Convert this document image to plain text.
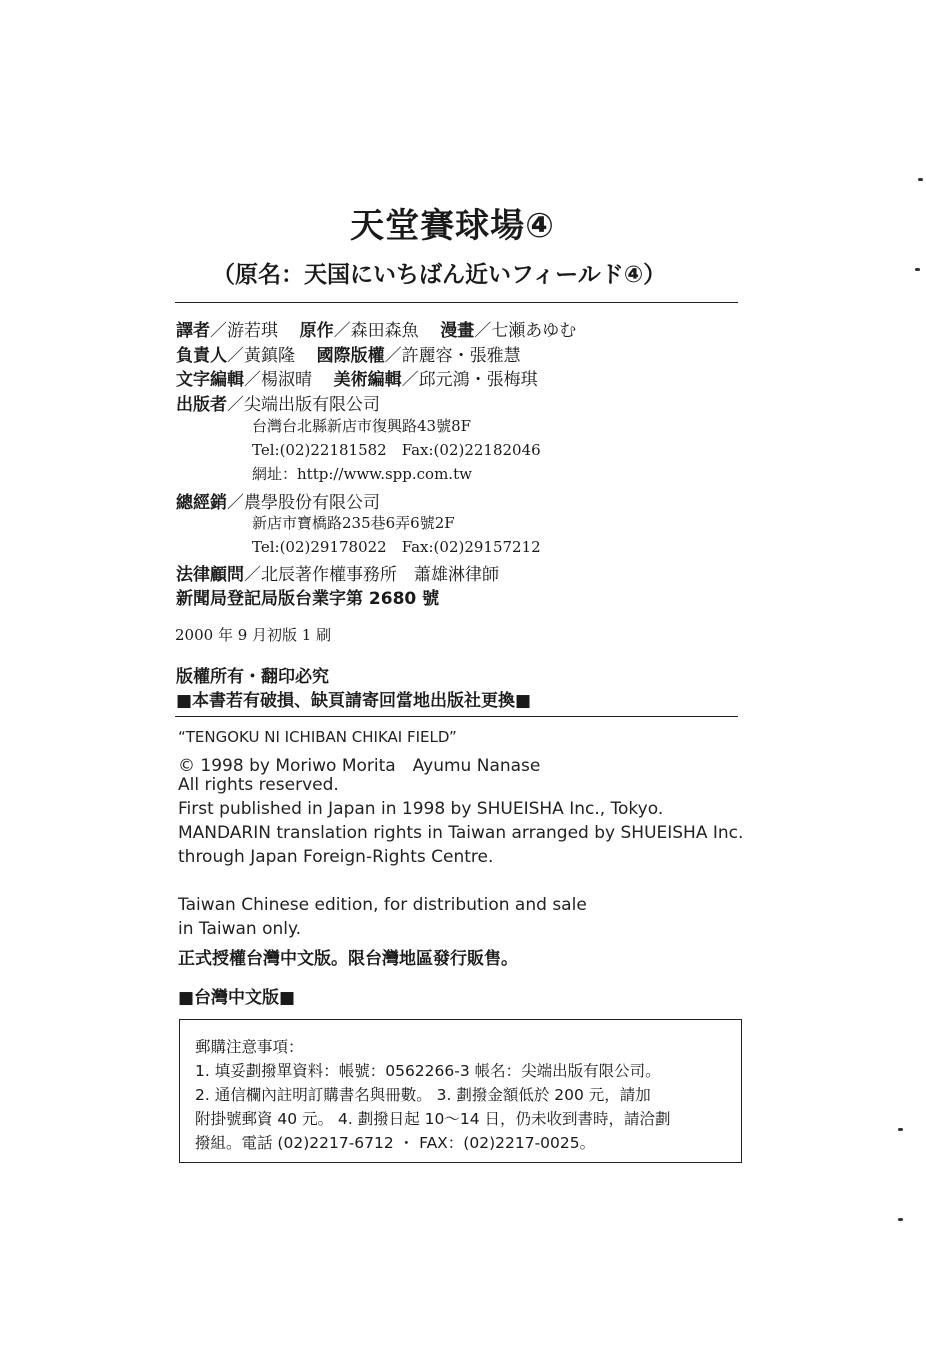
天堂賽球場④
（原名：天国にいちばん近いフィールド④）
譯者／游若琪 原作／森田森魚 漫畫／七瀬あゆむ
負責人／黃鎮隆 國際版權／許麗容・張雅慧
文字編輯／楊淑晴 美術編輯／邱元鴻・張梅琪
出版者／尖端出版有限公司
台灣台北縣新店市復興路43號8F
Tel:(02)22181582　Fax:(02)22182046
網址：http://www.spp.com.tw
總經銷／農學股份有限公司
新店市寶橋路235巷6弄6號2F
Tel:(02)29178022　Fax:(02)29157212
法律顧問／北辰著作權事務所　蕭雄淋律師
新聞局登記局版台業字第 2680 號
2000 年 9 月初版 1 刷
版權所有・翻印必究
■本書若有破損、缺頁請寄回當地出版社更換■
“TENGOKU NI ICHIBAN CHIKAI FIELD”
© 1998 by Moriwo Morita　Ayumu Nanase
All rights reserved.
First published in Japan in 1998 by SHUEISHA Inc., Tokyo.
MANDARIN translation rights in Taiwan arranged by SHUEISHA Inc.
through Japan Foreign-Rights Centre.
Taiwan Chinese edition, for distribution and sale
in Taiwan only.
正式授權台灣中文版。限台灣地區發行販售。
■台灣中文版■
郵購注意事項：
1. 填妥劃撥單資料：帳號：0562266-3 帳名：尖端出版有限公司。
2. 通信欄內註明訂購書名與冊數。 3. 劃撥金額低於 200 元，請加
附掛號郵資 40 元。 4. 劃撥日起 10～14 日，仍未收到書時，請洽劃
撥組。電話 (02)2217-6712 ・ FAX：(02)2217-0025。
